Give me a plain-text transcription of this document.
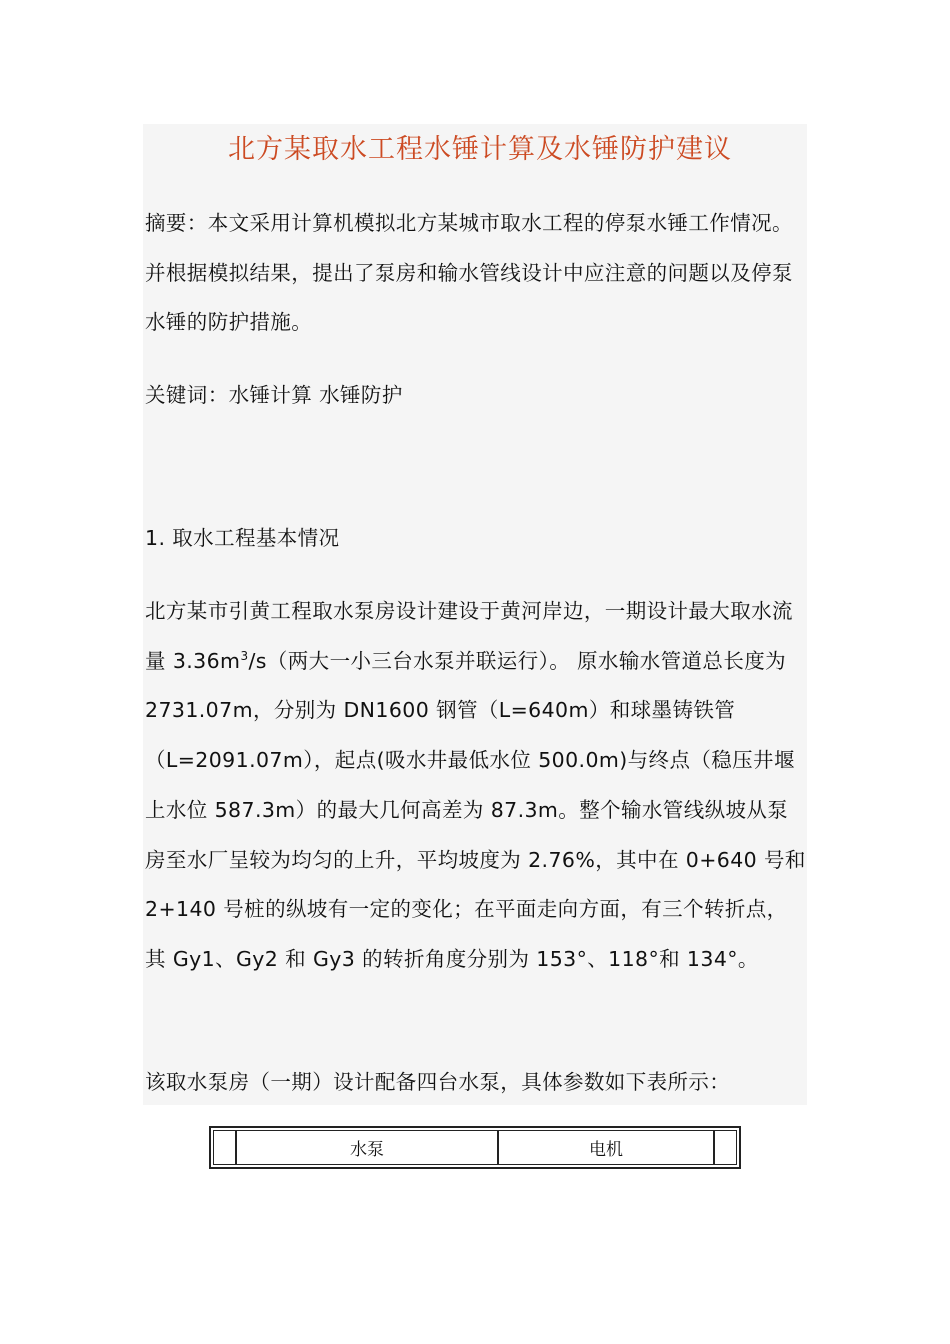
北方某取水工程水锤计算及水锤防护建议

摘要：本文采用计算机模拟北方某城市取水工程的停泵水锤工作情况。并根据模拟结果，提出了泵房和输水管线设计中应注意的问题以及停泵水锤的防护措施。

关键词：水锤计算 水锤防护

1. 取水工程基本情况

北方某市引黄工程取水泵房设计建设于黄河岸边，一期设计最大取水流量 $3.36m^3/s$（两大一小三台水泵并联运行）。 原水输水管道总长度为 2731.07m，分别为 DN1600 钢管（L=640m）和球墨铸铁管（L=2091.07m），起点(吸水井最低水位 500.0m)与终点（稳压井堰上水位 587.3m）的最大几何高差为 87.3m。整个输水管线纵坡从泵房至水厂呈较为均匀的上升，平均坡度为 2.76%，其中在 0+640 号和 2+140 号桩的纵坡有一定的变化；在平面走向方面，有三个转折点，其 Gy1、Gy2 和 Gy3 的转折角度分别为 153°、118°和 134°。

该取水泵房（一期）设计配备四台水泵，具体参数如下表所示：

水泵	电机
